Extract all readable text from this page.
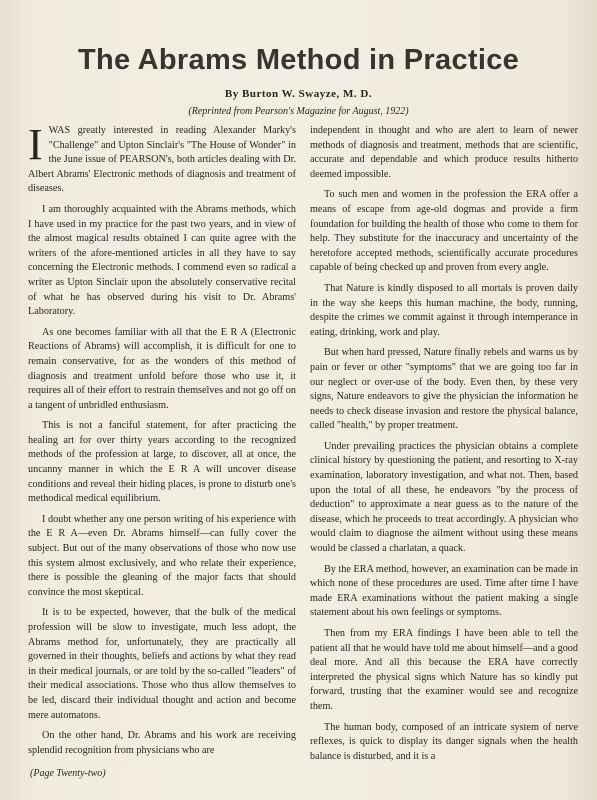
The Abrams Method in Practice
By Burton W. Swayze, M. D.
(Reprinted from Pearson's Magazine for August, 1922)

IWAS greatly interested in reading Alexander Marky's "Challenge" and Upton Sinclair's "The House of Wonder" in the June issue of PEARSON's, both articles dealing with Dr. Albert Abrams' Electronic methods of diagnosis and treatment of diseases.

I am thoroughly acquainted with the Abrams methods, which I have used in my practice for the past two years, and in view of the almost magical results obtained I can quite agree with the writers of the afore-mentioned articles in all they have to say concerning the Electronic methods. I commend even so radical a writer as Upton Sinclair upon the absolutely conservative recital of what he has observed during his visit to Dr. Abrams' Laboratory.

As one becomes familiar with all that the E R A (Electronic Reactions of Abrams) will accomplish, it is difficult for one to remain conservative, for as the wonders of this method of diagnosis and treatment unfold before those who use it, it requires all of their effort to restrain themselves and not go off on a tangent of unbridled enthusiasm.

This is not a fanciful statement, for after practicing the healing art for over thirty years according to the recognized methods of the profession at large, to discover, all at once, the uncanny manner in which the E R A will uncover disease conditions and reveal their hiding places, is prone to disturb one's methodical medical equilibrium.

I doubt whether any one person writing of his experience with the E R A—even Dr. Abrams himself—can fully cover the subject. But out of the many observations of those who now use this system almost exclusively, and who relate their experience, there is possible the gleaning of the major facts that should convince the most skeptical.

It is to be expected, however, that the bulk of the medical profession will be slow to investigate, much less adopt, the Abrams method for, unfortunately, they are practically all governed in their thoughts, beliefs and actions by what they read in their medical journals, or are told by the so-called "leaders" of their medical associations. Those who thus allow themselves to be led, discard their individual thought and action and become mere automatons.

On the other hand, Dr. Abrams and his work are receiving splendid recognition from physicians who are

independent in thought and who are alert to learn of newer methods of diagnosis and treatment, methods that are scientific, accurate and dependable and which produce results hitherto deemed impossible.

To such men and women in the profession the ERA offer a means of escape from age-old dogmas and provide a firm foundation for building the health of those who come to them for help. They substitute for the inaccuracy and uncertainty of the heretofore accepted methods, scientifically accurate procedures capable of being checked up and proven from every angle.

That Nature is kindly disposed to all mortals is proven daily in the way she keeps this human machine, the body, running, despite the crimes we commit against it through intemperance in eating, drinking, work and play.

But when hard pressed, Nature finally rebels and warns us by pain or fever or other "symptoms" that we are going too far in our neglect or over-use of the body. Even then, by these very signs, Nature endeavors to give the physician the information he needs to check disease invasion and restore the physical balance, called "health," by proper treatment.

Under prevailing practices the physician obtains a complete clinical history by questioning the patient, and resorting to X-ray examination, laboratory investigation, and what not. Then, based upon the total of all these, he endeavors "by the process of deduction" to approximate a near guess as to the nature of the disease, which he proceeds to treat accordingly. A physician who would claim to diagnose the ailment without using these means would be classed a charlatan, a quack.

By the ERA method, however, an examination can be made in which none of these procedures are used. Time after time I have made ERA examinations without the patient making a single statement about his own feelings or symptoms.

Then from my ERA findings I have been able to tell the patient all that he would have told me about himself—and a good deal more. And all this because the ERA have correctly interpreted the physical signs which Nature has so kindly put forward, trusting that the examiner would see and recognize them.

The human body, composed of an intricate system of nerve reflexes, is quick to display its danger signals when the health balance is disturbed, and it is a

(Page Twenty-two)
